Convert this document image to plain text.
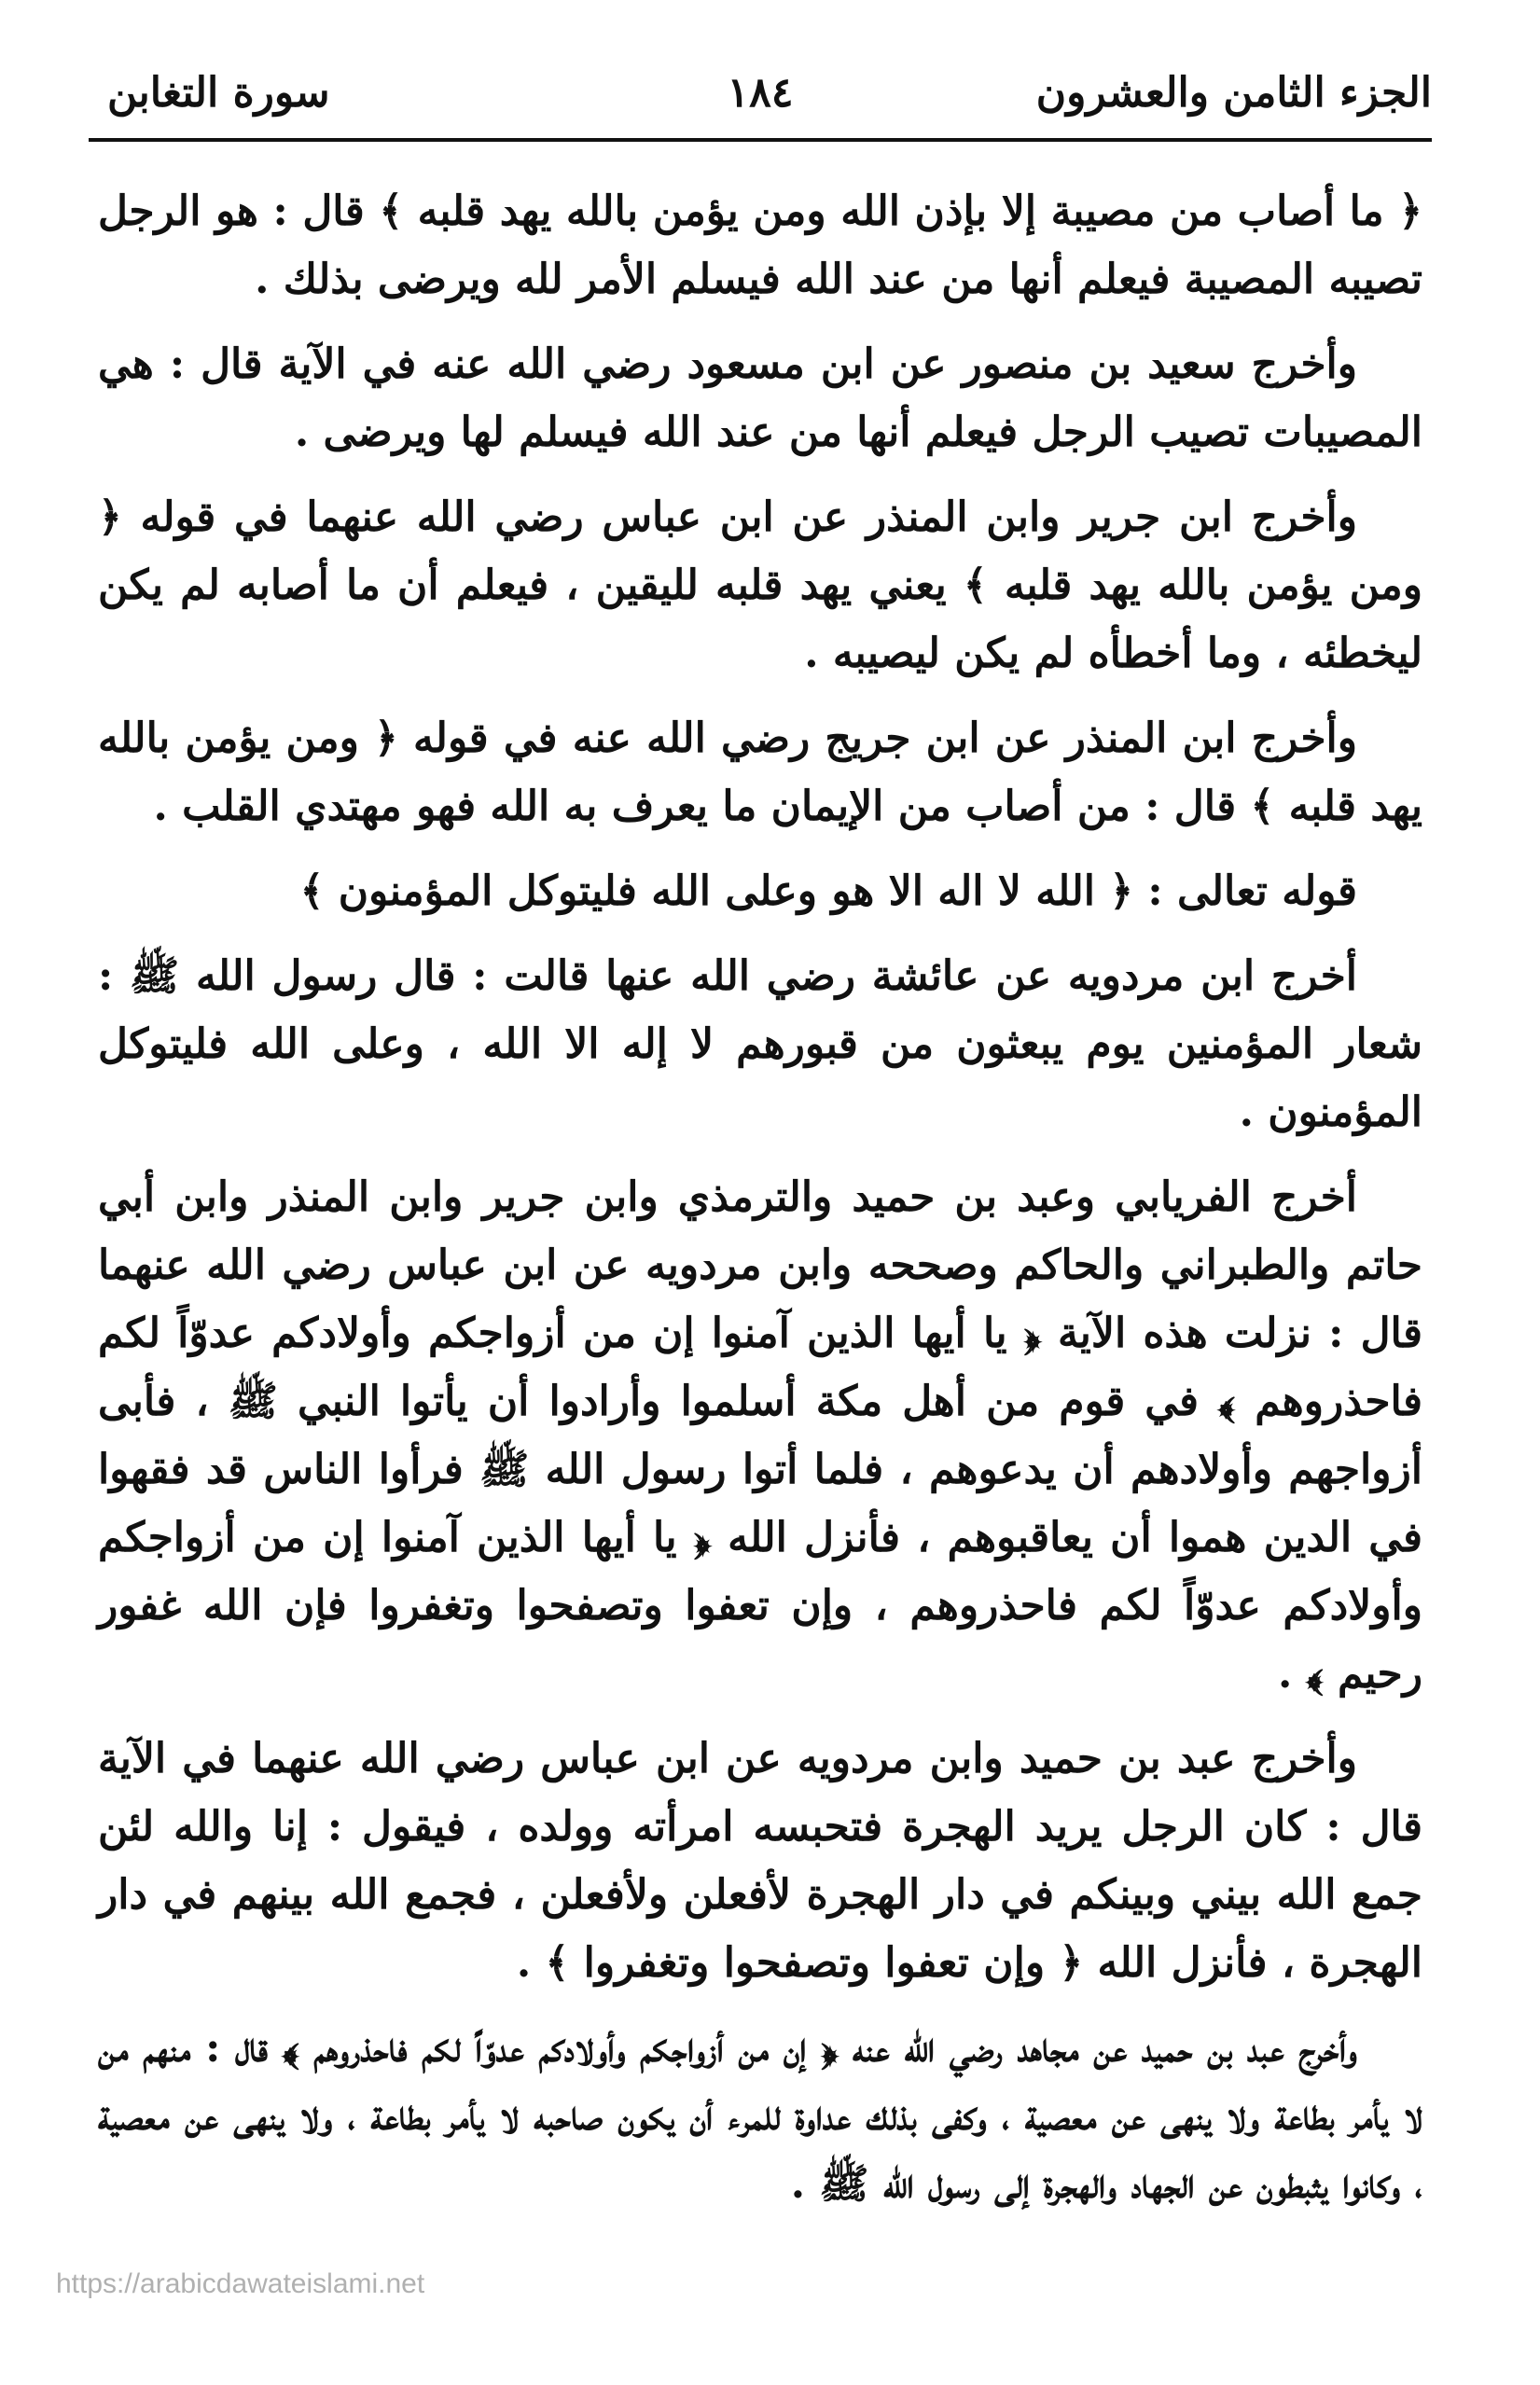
الجزء الثامن والعشرون
١٨٤
سورة التغابن

﴿ ما أصاب من مصيبة إلا بإذن الله ومن يؤمن بالله يهد قلبه ﴾ قال : هو الرجل تصيبه المصيبة فيعلم أنها من عند الله فيسلم الأمر لله ويرضى بذلك .

وأخرج سعيد بن منصور عن ابن مسعود رضي الله عنه في الآية قال : هي المصيبات تصيب الرجل فيعلم أنها من عند الله فيسلم لها ويرضى .

وأخرج ابن جرير وابن المنذر عن ابن عباس رضي الله عنهما في قوله ﴿ ومن يؤمن بالله يهد قلبه ﴾ يعني يهد قلبه لليقين ، فيعلم أن ما أصابه لم يكن ليخطئه ، وما أخطأه لم يكن ليصيبه .

وأخرج ابن المنذر عن ابن جريج رضي الله عنه في قوله ﴿ ومن يؤمن بالله يهد قلبه ﴾ قال : من أصاب من الإيمان ما يعرف به الله فهو مهتدي القلب .

قوله تعالى : ﴿ الله لا اله الا هو وعلى الله فليتوكل المؤمنون ﴾

أخرج ابن مردويه عن عائشة رضي الله عنها قالت : قال رسول الله ﷺ : شعار المؤمنين يوم يبعثون من قبورهم لا إله الا الله ، وعلى الله فليتوكل المؤمنون .

أخرج الفريابي وعبد بن حميد والترمذي وابن جرير وابن المنذر وابن أبي حاتم والطبراني والحاكم وصححه وابن مردويه عن ابن عباس رضي الله عنهما قال : نزلت هذه الآية ﴿ يا أيها الذين آمنوا إن من أزواجكم وأولادكم عدوّاً لكم فاحذروهم ﴾ في قوم من أهل مكة أسلموا وأرادوا أن يأتوا النبي ﷺ ، فأبى أزواجهم وأولادهم أن يدعوهم ، فلما أتوا رسول الله ﷺ فرأوا الناس قد فقهوا في الدين هموا أن يعاقبوهم ، فأنزل الله ﴿ يا أيها الذين آمنوا إن من أزواجكم وأولادكم عدوّاً لكم فاحذروهم ، وإن تعفوا وتصفحوا وتغفروا فإن الله غفور رحيم ﴾ .

وأخرج عبد بن حميد وابن مردويه عن ابن عباس رضي الله عنهما في الآية قال : كان الرجل يريد الهجرة فتحبسه امرأته وولده ، فيقول : إنا والله لئن جمع الله بيني وبينكم في دار الهجرة لأفعلن ولأفعلن ، فجمع الله بينهم في دار الهجرة ، فأنزل الله ﴿ وإن تعفوا وتصفحوا وتغفروا ﴾ .

وأخرج عبد بن حميد عن مجاهد رضي الله عنه ﴿ إن من أزواجكم وأولادكم عدوّاً لكم فاحذروهم ﴾ قال : منهم من لا يأمر بطاعة ولا ينهى عن معصية ، وكفى بذلك عداوة للمرء أن يكون صاحبه لا يأمر بطاعة ، ولا ينهى عن معصية ، وكانوا يثبطون عن الجهاد والهجرة إلى رسول الله ﷺ .

https://arabicdawateislami.net
